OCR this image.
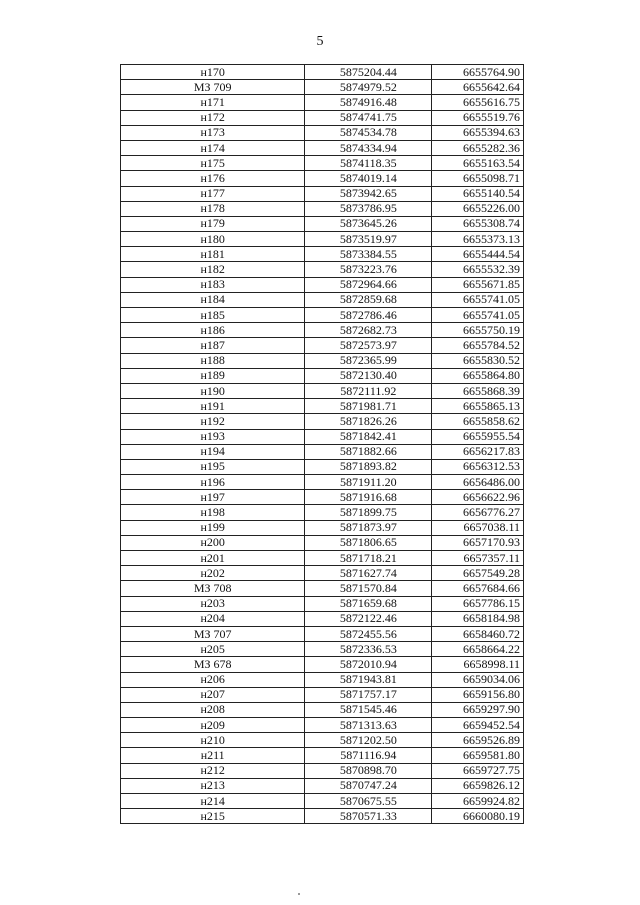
5
н170	5875204.44	6655764.90
МЗ 709	5874979.52	6655642.64
н171	5874916.48	6655616.75
н172	5874741.75	6655519.76
н173	5874534.78	6655394.63
н174	5874334.94	6655282.36
н175	5874118.35	6655163.54
н176	5874019.14	6655098.71
н177	5873942.65	6655140.54
н178	5873786.95	6655226.00
н179	5873645.26	6655308.74
н180	5873519.97	6655373.13
н181	5873384.55	6655444.54
н182	5873223.76	6655532.39
н183	5872964.66	6655671.85
н184	5872859.68	6655741.05
н185	5872786.46	6655741.05
н186	5872682.73	6655750.19
н187	5872573.97	6655784.52
н188	5872365.99	6655830.52
н189	5872130.40	6655864.80
н190	5872111.92	6655868.39
н191	5871981.71	6655865.13
н192	5871826.26	6655858.62
н193	5871842.41	6655955.54
н194	5871882.66	6656217.83
н195	5871893.82	6656312.53
н196	5871911.20	6656486.00
н197	5871916.68	6656622.96
н198	5871899.75	6656776.27
н199	5871873.97	6657038.11
н200	5871806.65	6657170.93
н201	5871718.21	6657357.11
н202	5871627.74	6657549.28
МЗ 708	5871570.84	6657684.66
н203	5871659.68	6657786.15
н204	5872122.46	6658184.98
МЗ 707	5872455.56	6658460.72
н205	5872336.53	6658664.22
МЗ 678	5872010.94	6658998.11
н206	5871943.81	6659034.06
н207	5871757.17	6659156.80
н208	5871545.46	6659297.90
н209	5871313.63	6659452.54
н210	5871202.50	6659526.89
н211	5871116.94	6659581.80
н212	5870898.70	6659727.75
н213	5870747.24	6659826.12
н214	5870675.55	6659924.82
н215	5870571.33	6660080.19
